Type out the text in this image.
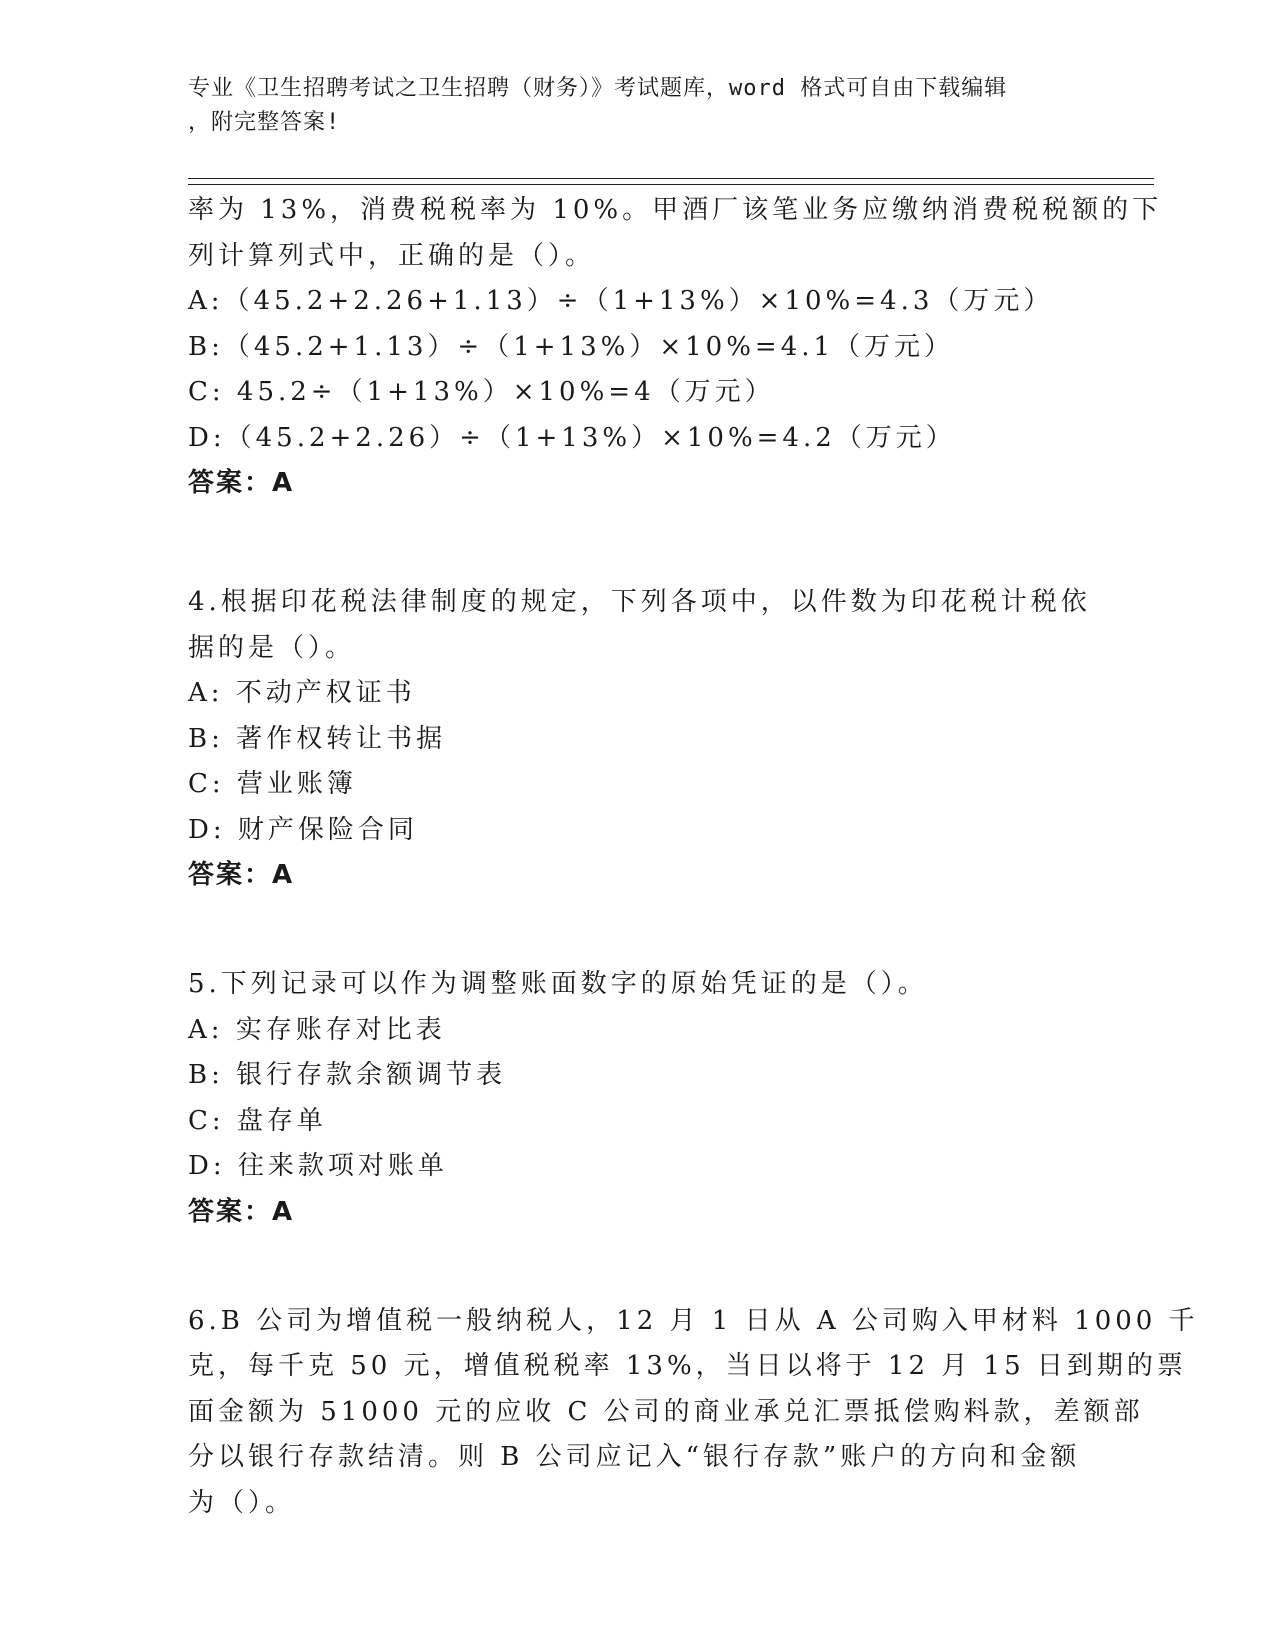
专业《卫生招聘考试之卫生招聘（财务）》考试题库，word 格式可自由下载编辑
，附完整答案!
率为 13%，消费税税率为 10%。甲酒厂该笔业务应缴纳消费税税额的下
列计算列式中，正确的是（）。
A:（45.2+2.26+1.13）÷（1+13%）×10%=4.3（万元）
B:（45.2+1.13）÷（1+13%）×10%=4.1（万元）
C: 45.2÷（1+13%）×10%=4（万元）
D:（45.2+2.26）÷（1+13%）×10%=4.2（万元）
答案：A
4.根据印花税法律制度的规定，下列各项中，以件数为印花税计税依
据的是（）。
A: 不动产权证书
B: 著作权转让书据
C: 营业账簿
D: 财产保险合同
答案：A
5.下列记录可以作为调整账面数字的原始凭证的是（）。
A: 实存账存对比表
B: 银行存款余额调节表
C: 盘存单
D: 往来款项对账单
答案：A
6.B 公司为增值税一般纳税人，12 月 1 日从 A 公司购入甲材料 1000 千
克，每千克 50 元，增值税税率 13%，当日以将于 12 月 15 日到期的票
面金额为 51000 元的应收 C 公司的商业承兑汇票抵偿购料款，差额部
分以银行存款结清。则 B 公司应记入“银行存款”账户的方向和金额
为（）。
